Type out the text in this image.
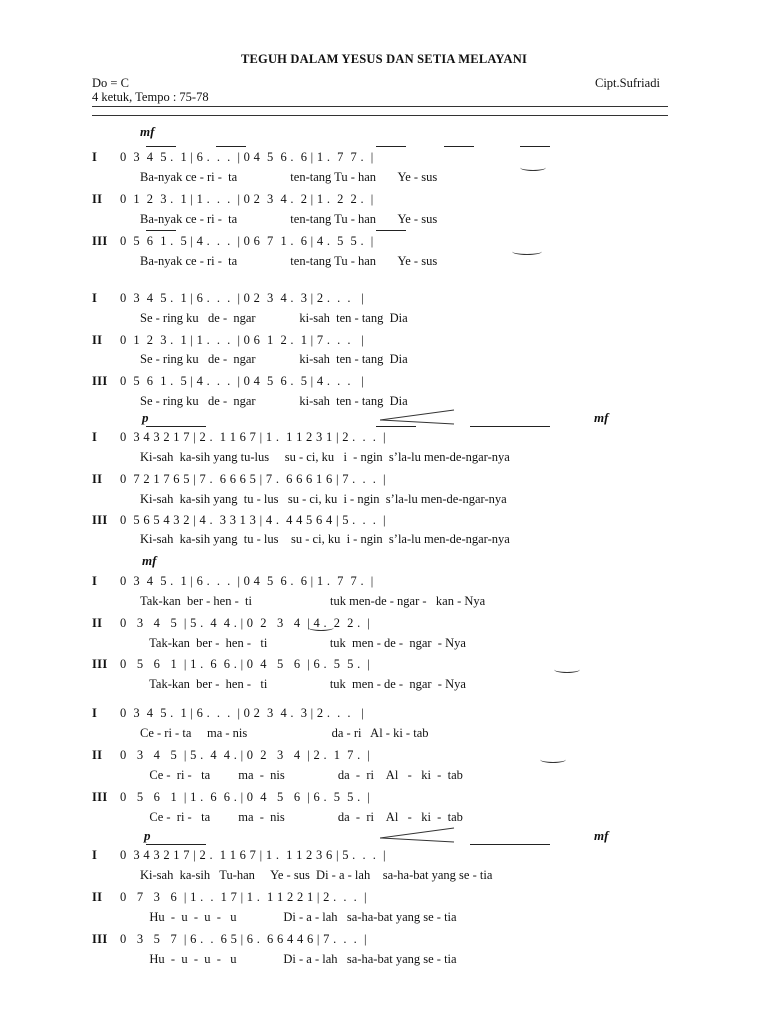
TEGUH DALAM YESUS DAN SETIA MELAYANI
Do = C
4 ketuk, Tempo : 75-78
Cipt.Sufriadi
mf
p	mf
mf
p	mf
I 0  3  4  5 .  1 | 6 .  .  .  | 0 4  5  6 .  6 | 1 .  7  7 .  |
Ba-nyak ce - ri -  ta                 ten-tang Tu - han       Ye - sus
II 0  1  2  3 .  1 | 1 .  .  .  | 0 2  3  4 .  2 | 1 .  2  2 .  |
Ba-nyak ce - ri -  ta                 ten-tang Tu - han       Ye - sus
III 0  5  6  1 .  5 | 4 .  .  .  | 0 6  7  1 .  6 | 4 .  5  5 .  |
Ba-nyak ce - ri -  ta                 ten-tang Tu - han       Ye - sus
I 0  3  4  5 .  1 | 6 .  .  .  | 0 2  3  4 .  3 | 2 .  .  .   |
Se - ring ku   de -  ngar              ki-sah  ten - tang  Dia
II 0  1  2  3 .  1 | 1 .  .  .  | 0 6  1  2 .  1 | 7 .  .  .   |
Se - ring ku   de -  ngar              ki-sah  ten - tang  Dia
III 0  5  6  1 .  5 | 4 .  .  .  | 0 4  5  6 .  5 | 4 .  .  .   |
Se - ring ku   de -  ngar              ki-sah  ten - tang  Dia
I 0  3 4 3 2 1 7 | 2 .  1 1 6 7 | 1 .  1 1 2 3 1 | 2 .  .  .  |
Ki-sah  ka-sih yang tu-lus     su - ci, ku   i  - ngin  s’la-lu men-de-ngar-nya
II 0  7 2 1 7 6 5 | 7 .  6 6 6 5 | 7 .  6 6 6 1 6 | 7 .  .  .  |
Ki-sah  ka-sih yang  tu - lus   su - ci, ku  i - ngin  s’la-lu men-de-ngar-nya
III 0  5 6 5 4 3 2 | 4 .  3 3 1 3 | 4 .  4 4 5 6 4 | 5 .  .  .  |
Ki-sah  ka-sih yang  tu - lus    su - ci, ku  i - ngin  s’la-lu men-de-ngar-nya
I 0  3  4  5 .  1 | 6 .  .  .  | 0 4  5  6 .  6 | 1 .  7  7 .  |
Tak-kan  ber - hen -  ti                         tuk men-de - ngar -   kan - Nya
II 0   3   4   5  | 5 .  4  4 . | 0  2   3   4  | 4 .  2  2 .  |
Tak-kan  ber -  hen -   ti                    tuk  men - de -  ngar  - Nya
III 0   5   6   1  | 1 .  6  6 . | 0  4   5   6  | 6 .  5  5 .  |
Tak-kan  ber -  hen -   ti                    tuk  men - de -  ngar  - Nya
I 0  3  4  5 .  1 | 6 .  .  .  | 0 2  3  4 .  3 | 2 .  .  .   |
Ce - ri - ta     ma - nis                           da - ri   Al - ki - tab
II 0   3   4   5  | 5 .  4  4 . | 0  2   3   4  | 2 .  1  7 .  |
Ce -  ri -   ta         ma  -  nis                 da  -  ri    Al   -   ki  -  tab
III 0   5   6   1  | 1 .  6  6 . | 0  4   5   6  | 6 .  5  5 .  |
Ce -  ri -   ta         ma  -  nis                 da  -  ri    Al   -   ki  -  tab
I 0  3 4 3 2 1 7 | 2 .  1 1 6 7 | 1 .  1 1 2 3 6 | 5 .  .  .  |
Ki-sah  ka-sih   Tu-han     Ye - sus  Di - a - lah    sa-ha-bat yang se - tia
II 0   7   3   6  | 1 .  .  1 7 | 1 .  1 1 2 2 1 | 2 .  .  .  |
Hu  -  u  -  u  -   u               Di - a - lah   sa-ha-bat yang se - tia
III 0   3   5   7  | 6 .  .  6 5 | 6 .  6 6 4 4 6 | 7 .  .  .  |
Hu  -  u  -  u  -   u               Di - a - lah   sa-ha-bat yang se - tia
